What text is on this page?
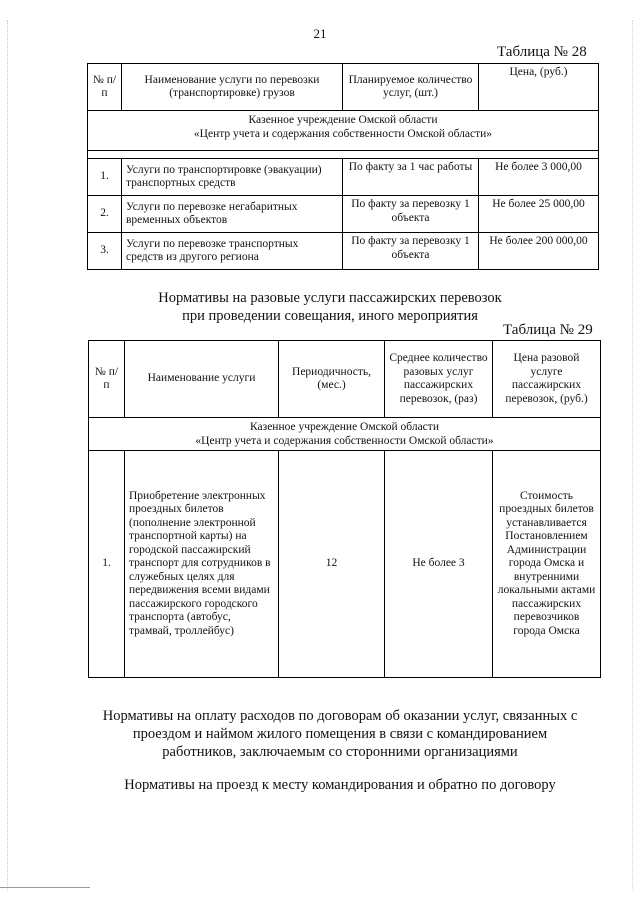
21
Таблица № 28
№ п/п	Наименование услуги по перевозки (транспортировке) грузов	Планируемое количество услуг, (шт.)	Цена, (руб.)

Казенное учреждение Омской области
«Центр учета и содержания собственности Омской области»			

1.	Услуги по транспортировке (эвакуации) транспортных средств	По факту за 1 час работы	Не более 3 000,00
2.	Услуги по перевозке негабаритных временных объектов	По факту за перевозку 1 объекта	Не более 25 000,00
3.	Услуги по перевозке транспортных средств из другого региона	По факту за перевозку 1 объекта	Не более 200 000,00
Нормативы на разовые услуги пассажирских перевозок
при проведении совещания, иного мероприятия
Таблица № 29
№ п/п	Наименование услуги	Периодичность, (мес.)	Среднее количество разовых услуг пассажирских перевозок, (раз)	Цена разовой услуге пассажирских перевозок, (руб.)

Казенное учреждение Омской области
«Центр учета и содержания собственности Омской области»				

1.	Приобретение электронных проездных билетов (пополнение электронной транспортной карты) на городской пассажирский транспорт для сотрудников в служебных целях для передвижения всеми видами пассажирского городского транспорта (автобус, трамвай, троллейбус)	12	Не более 3	Стоимость проездных билетов устанавливается Постановлением Администрации города Омска и внутренними локальными актами пассажирских перевозчиков города Омска
Нормативы на оплату расходов по договорам об оказании услуг, связанных с
проездом и наймом жилого помещения в связи с командированием
работников, заключаемым со сторонними организациями
Нормативы на проезд к месту командирования и обратно по договору
